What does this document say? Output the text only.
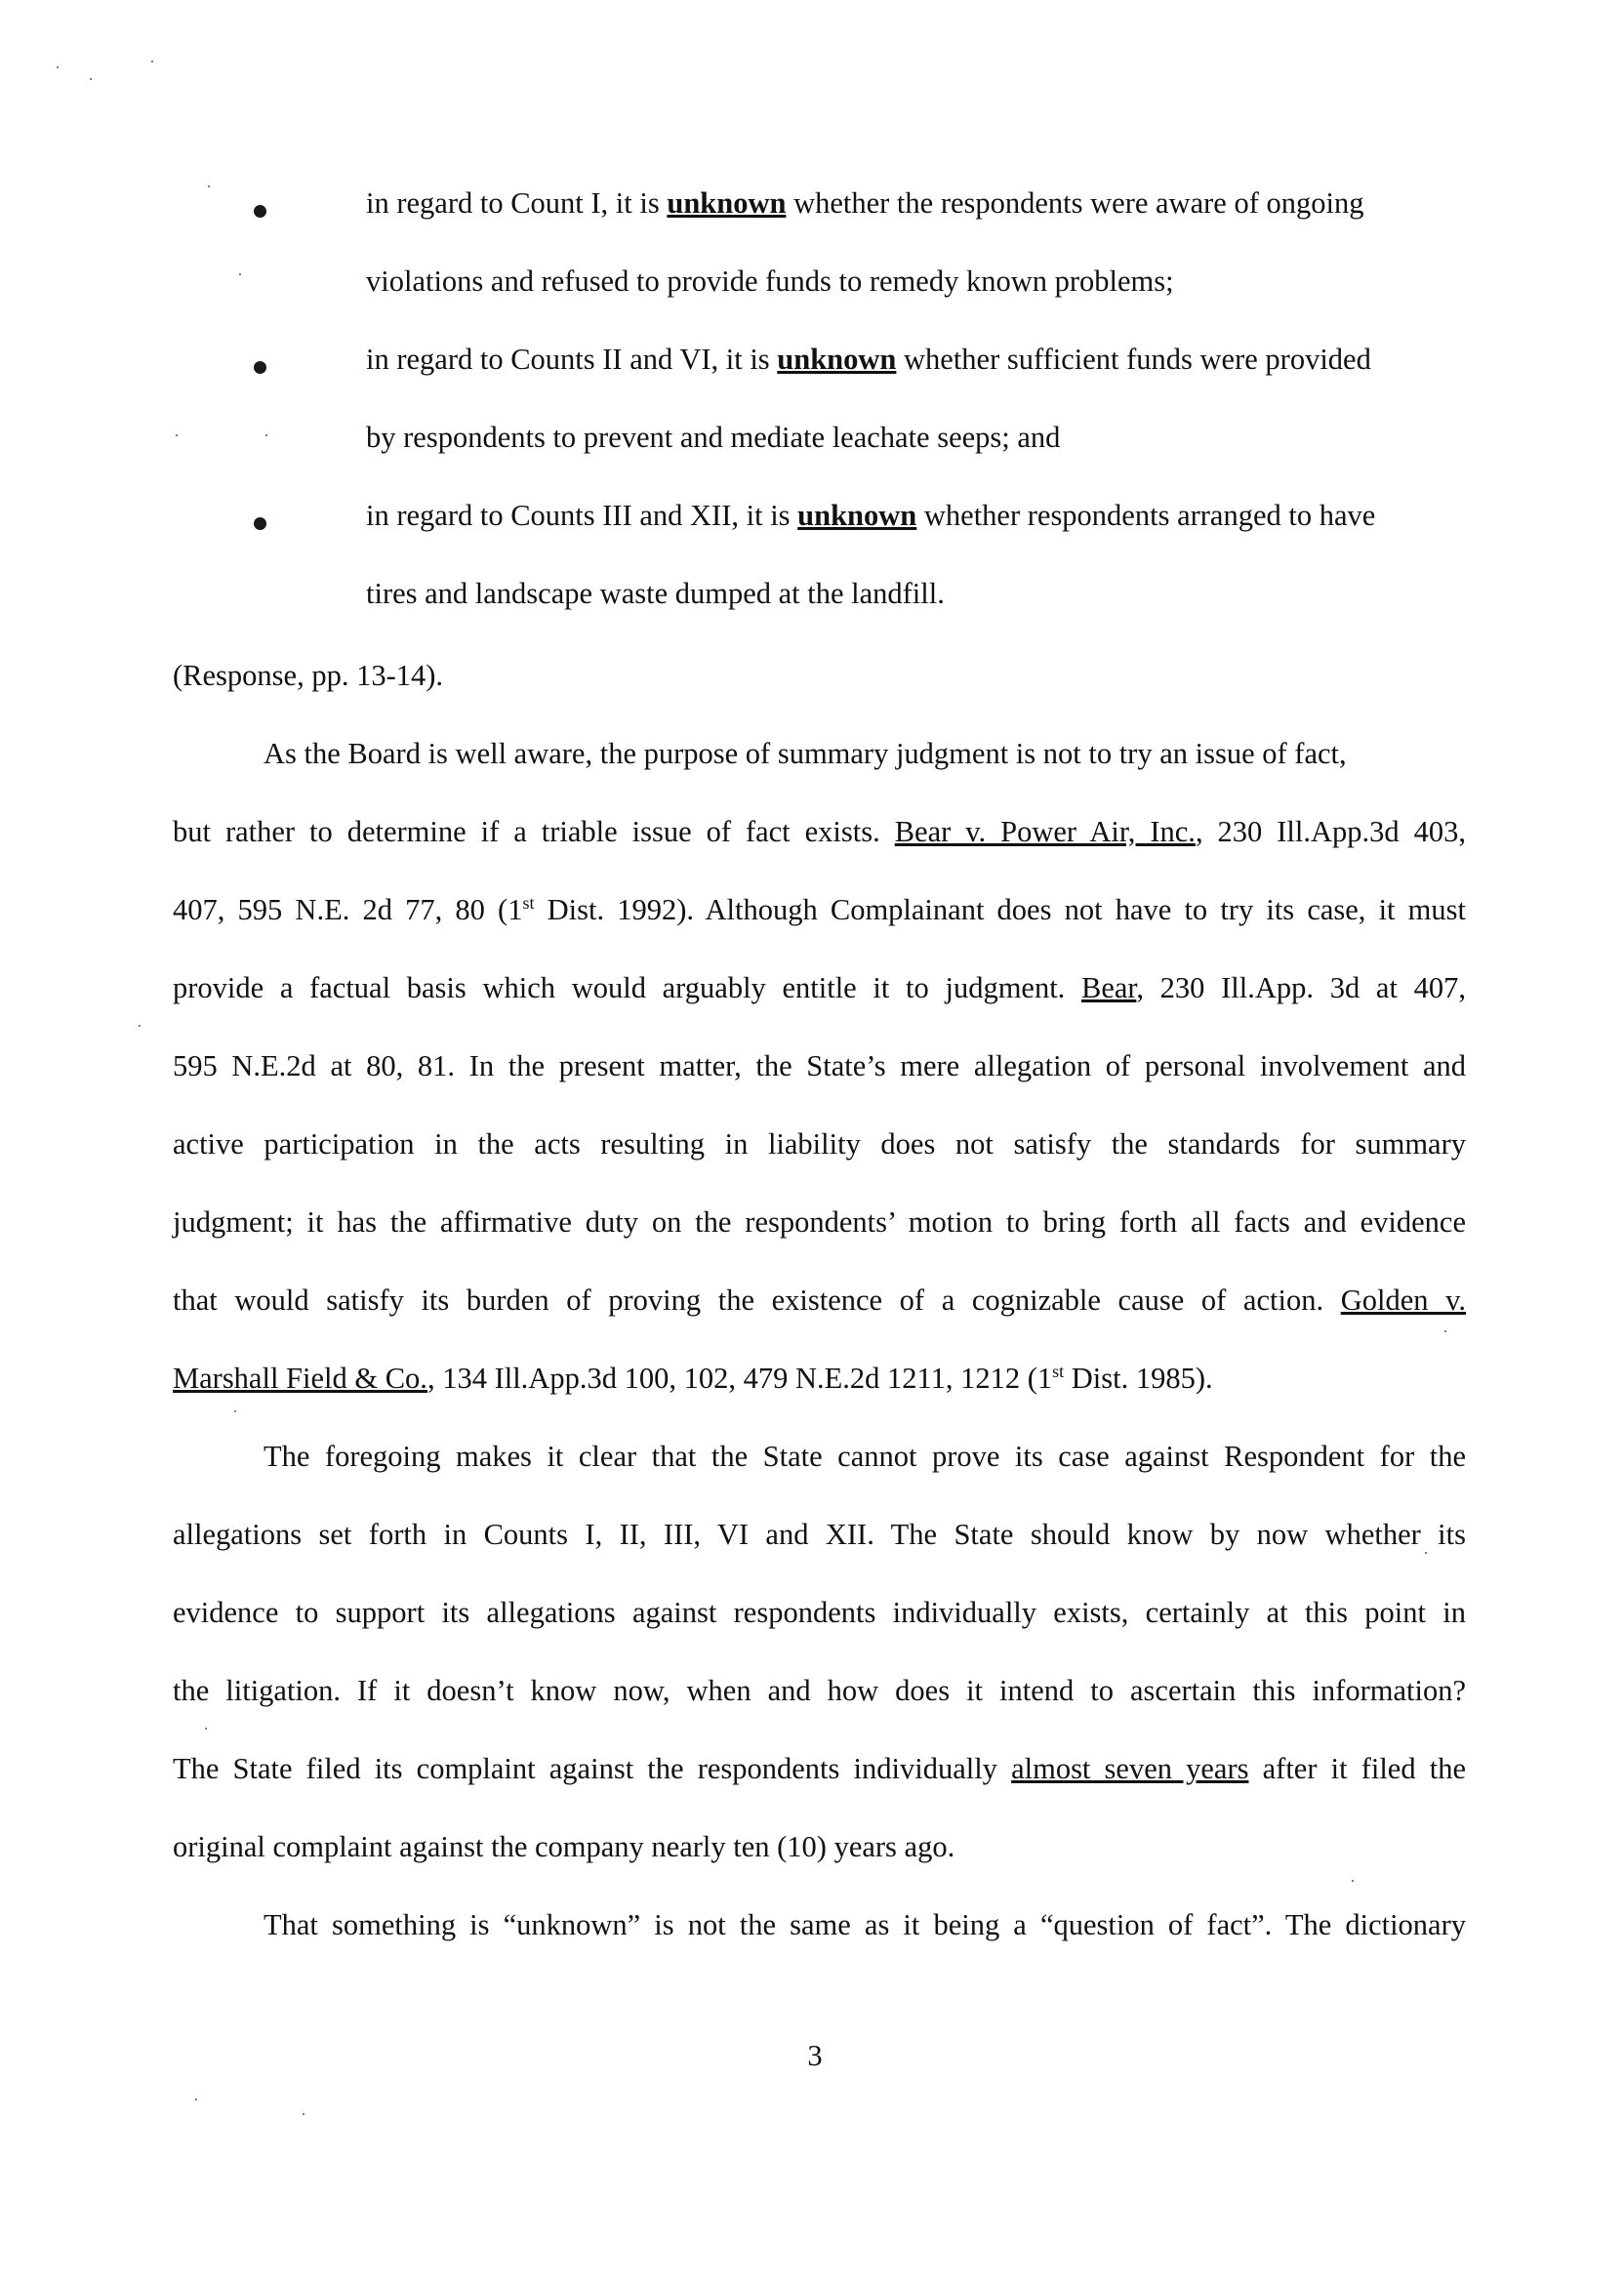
in regard to Count I, it is unknown whether the respondents were aware of ongoing

violations and refused to provide funds to remedy known problems;

in regard to Counts II and VI, it is unknown whether sufficient funds were provided

by respondents to prevent and mediate leachate seeps; and

in regard to Counts III and XII, it is unknown whether respondents arranged to have

tires and landscape waste dumped at the landfill.

(Response, pp. 13-14).
As the Board is well aware, the purpose of summary judgment is not to try an issue of fact,
but rather to determine if a triable issue of fact exists. Bear v. Power Air, Inc., 230 Ill.App.3d 403,
407, 595 N.E. 2d 77, 80 (1st Dist. 1992). Although Complainant does not have to try its case, it must
provide a factual basis which would arguably entitle it to judgment. Bear, 230 Ill.App. 3d at 407,
595 N.E.2d at 80, 81. In the present matter, the State’s mere allegation of personal involvement and
active participation in the acts resulting in liability does not satisfy the standards for summary
judgment; it has the affirmative duty on the respondents’ motion to bring forth all facts and evidence
that would satisfy its burden of proving the existence of a cognizable cause of action. Golden v.
Marshall Field & Co., 134 Ill.App.3d 100, 102, 479 N.E.2d 1211, 1212 (1st Dist. 1985).
The foregoing makes it clear that the State cannot prove its case against Respondent for the
allegations set forth in Counts I, II, III, VI and XII. The State should know by now whether its
evidence to support its allegations against respondents individually exists, certainly at this point in
the litigation. If it doesn’t know now, when and how does it intend to ascertain this information?
The State filed its complaint against the respondents individually almost seven years after it filed the
original complaint against the company nearly ten (10) years ago.
That something is “unknown” is not the same as it being a “question of fact”. The dictionary
3
